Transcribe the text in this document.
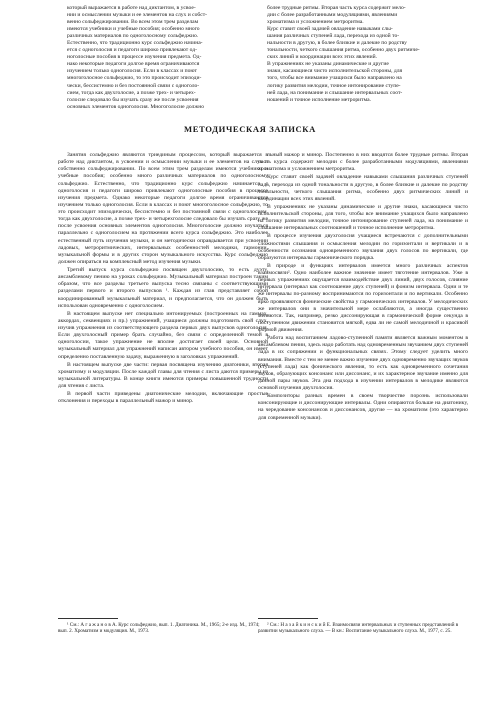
который выражается в работе над диктантом, в усвое-

нии и осмыслении музыки и ее элементов на слух и собст-

венно сольфеджировании. Во всем этом трем разделам

имеются учебники и учебные пособия; особенно много

различных материалов по одноголосному сольфеджио.

Естественно, что традиционно курс сольфеджио начина-

ется с одноголосия и педагоги широко привлекают од-

ноголосные пособия в процессе изучения предмета. Од-

нако некоторые педагоги долгое время ограничиваются

изучением только одноголосия. Если в классах и поют

многоголосное сольфеджио, то это происходит эпизоди-

чески, бессистемно и без постоянной связи с одноголо-

сием, тогда как двухголосие, а позже трех- и четырех-

голосие следовало бы изучать сразу же после усвоения

основных элементов одноголосия. Многоголосие должно

более трудные ритмы. Вторая часть курса содержит мело-

дии с более разработанными модуляциями, явлениями

хроматизма и усложнением метроритма.

Курс ставит своей задачей овладение навыками слы-

шания различных ступеней лада, перехода из одной то-

нальности в другую, в более близкие и далекие по родству

тональности, четкого слышания ритма, особенно двух ритмиче-

ских линий и координации всех этих явлений.

В упражнениях не указаны динамические и другие

знаки, касающиеся чисто исполнительской стороны, для

того, чтобы все внимание учащихся было направлено на

логику развития мелодии, точное интонирование ступе-

ней лада, на понимание и слышание интервальных соот-

ношений и точное исполнение метроритма.

МЕТОДИЧЕСКАЯ ЗАПИСКА

Занятия сольфеджио являются триединым процессом, который выражается в работе над диктантом, в усвоении и осмыслении музыки и ее элементов на слух и собственно сольфеджировании. По всем этим трем разделам имеются учебники и учебные пособия; особенно много различных материалов по одноголосному сольфеджио. Естественно, что традиционно курс сольфеджио начинается с одноголосия и педагоги широко привлекают одноголосные пособия в процессе изучения предмета. Однако некоторые педагоги долгое время ограничиваются изучением только одноголосия. Если в классах и поют многоголосное сольфеджио, то это происходит эпизодически, бессистемно и без постоянной связи с одноголосием, тогда как двухголосие, а позже трех- и четырехголосие следовало бы изучать сразу же после усвоения основных элементов одноголосия. Многоголосие должно изучаться параллельно с одноголосием на протяжении всего курса сольфеджио. Это наиболее естественный путь изучения музыки, и он методически оправдывается при усвоении ладовых, метроритмических, интервальных особенностей мелодики, гармонии, музыкальной формы и в других сторон музыкального искусства. Курс сольфеджио должен опираться на комплексный метод изучения музыки.

Третий выпуск курса сольфеджио посвящен двухголосию, то есть дуэту, ансамблевому пению на уроках сольфеджио. Музыкальный материал построен таким образом, что все разделы третьего выпуска тесно связаны с соответствующими разделами первого и второго выпусков ¹. Каждая из глав представляет собой координированный музыкальный материал, и предполагается, что он должен быть использован одновременно с одноголосием.

В настоящем выпуске нет специально интонируемых (построенных на гаммах, аккордах, секвенциях и пр.) упражнений, учащиеся должны подготовить свой слух, изучив упражнения из соответствующего раздела первых двух выпусков одноголосия. Если двухголосный пример брать случайно, без связи с определенной темой в одноголосии, такое упражнение не вполне достигает своей цели. Основной музыкальный материал для упражнений написан автором учебного пособия, он имеет определенно поставленную задачу, выраженную в заголовках упражнений.

В настоящем выпуске две части: первая посвящена изучению диатоники, вторая хроматизму и модуляции. После каждой главы для чтения с листа даются примеры из музыкальной литературы. В конце книги имеются примеры повышенной трудности для чтения с листа.

В первой части приведены диатонические мелодии, включающие простые отклонения и переходы в параллельный мажор и минор.

льный мажор и минор. Постепенно в них вводятся более трудные ритмы. Вторая часть курса содержит мелодии с более разработанными модуляциями, явлениями хроматизма и усложнением метроритма.

Курс ставит своей задачей овладение навыками слышания различных ступеней лада, перехода из одной тональности в другую, в более близкие и далекие по родству тональности, четкого слышания ритма, особенно двух ритмических линий и координации всех этих явлений.

В упражнениях не указаны динамические и другие знаки, касающиеся чисто исполнительской стороны, для того, чтобы все внимание учащихся было направлено на логику развития мелодии, точное интонирование ступеней лада, на понимание и слышание интервальных соотношений и точное исполнение метроритма.

В процессе изучения двухголосия учащиеся встречаются с дополнительными сложностями слышания и осмысления мелодии по горизонтали и вертикали и в особенности осознания одновременного звучания двух голосов по вертикали, где образуются интервалы гармонического порядка.

В природе и функциях интервалов имеется много различных аспектов взаимосвязи². Одно наиболее важное значение имеет тяготение интервалов. Уже в первых упражнениях ощущается взаимодействие двух линий, двух голосов, слияние интервала (интервал как соотношение двух ступеней) и фонизм интервала. Одни и те же интервалы по-разному воспринимаются по горизонтали и по вертикали. Особенно ярко проявляются фонические свойства у гармонических интервалов. У мелодических же интервалов они в значительной мере ослабляются, а иногда существенно меняются. Так, например, резко диссонирующая в гармонической форме секунда в поступенном движении становится мягкой, едва ли не самой мелодичной и красивой формой движения.

Работа над воспитанием ладово-ступенной памяти является важным моментом в ансамблевом пении, здесь надо работать над одновременным звучанием двух ступеней лада в их сопряжении и функциональных связях. Этому следует уделить много внимания. Вместе с тем не менее важно изучение двух одновременно звучащих звуков (ступеней лада) как фонического явления, то есть как одновременного сочетания звуков, образующих консонанс или диссонанс, и их характерное звучание именно для данной пары звуков. Эта дна подхода в изучении интервалов в мелодике являются основой изучения двухголосия.

Композиторы разных времен в своем творчестве порознь использовали консонирующие и диссонирующие интервалы. Одни опираются больше на диатонику, на чередование консонансов и диссонансов, другие — на хроматизм (это характерно для современной музыки).

¹ См.: А г а ж а н о в А. Курс сольфеджио, вып. 1. Диатоника. М., 1965; 2-е изд. М., 1974; вып. 2. Хроматизм и модуляция. М., 1973.

² См.: Н а з а й к и н с к и й Е. Взаимосвязи интервальных и ступенных представлений в развитии музыкального слуха. — В кн.: Воспитание музыкального слуха. М., 1977, с. 25.
